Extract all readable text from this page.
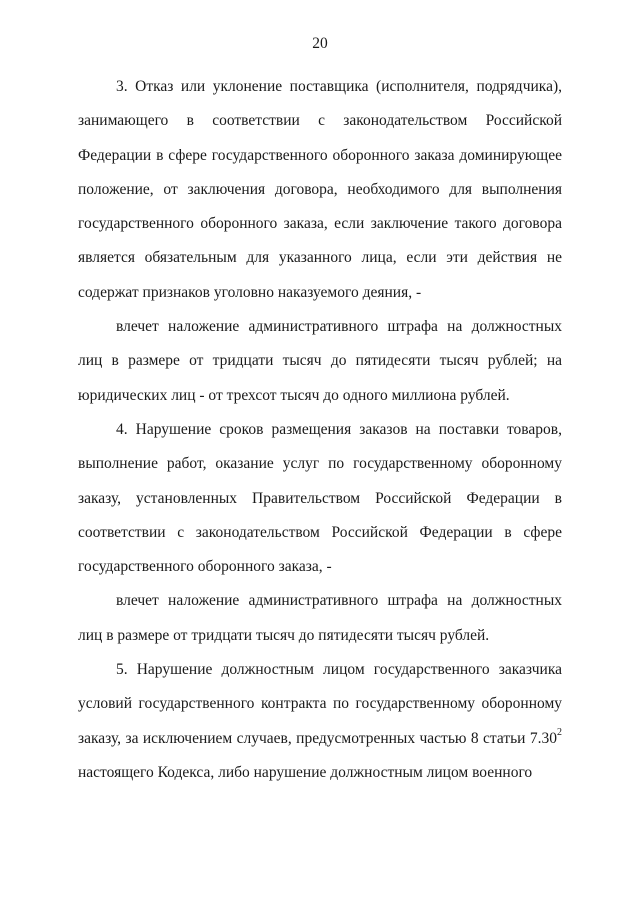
20

3. Отказ или уклонение поставщика (исполнителя, подрядчика), занимающего в соответствии с законодательством Российской Федерации в сфере государственного оборонного заказа доминирующее положение, от заключения договора, необходимого для выполнения государственного оборонного заказа, если заключение такого договора является обязательным для указанного лица, если эти действия не содержат признаков уголовно наказуемого деяния, -

влечет наложение административного штрафа на должностных лиц в размере от тридцати тысяч до пятидесяти тысяч рублей; на юридических лиц - от трехсот тысяч до одного миллиона рублей.

4. Нарушение сроков размещения заказов на поставки товаров, выполнение работ, оказание услуг по государственному оборонному заказу, установленных Правительством Российской Федерации в соответствии с законодательством Российской Федерации в сфере государственного оборонного заказа, -

влечет наложение административного штрафа на должностных лиц в размере от тридцати тысяч до пятидесяти тысяч рублей.

5. Нарушение должностным лицом государственного заказчика условий государственного контракта по государственному оборонному заказу, за исключением случаев, предусмотренных частью 8 статьи 7.30$^2$ настоящего Кодекса, либо нарушение должностным лицом военного
